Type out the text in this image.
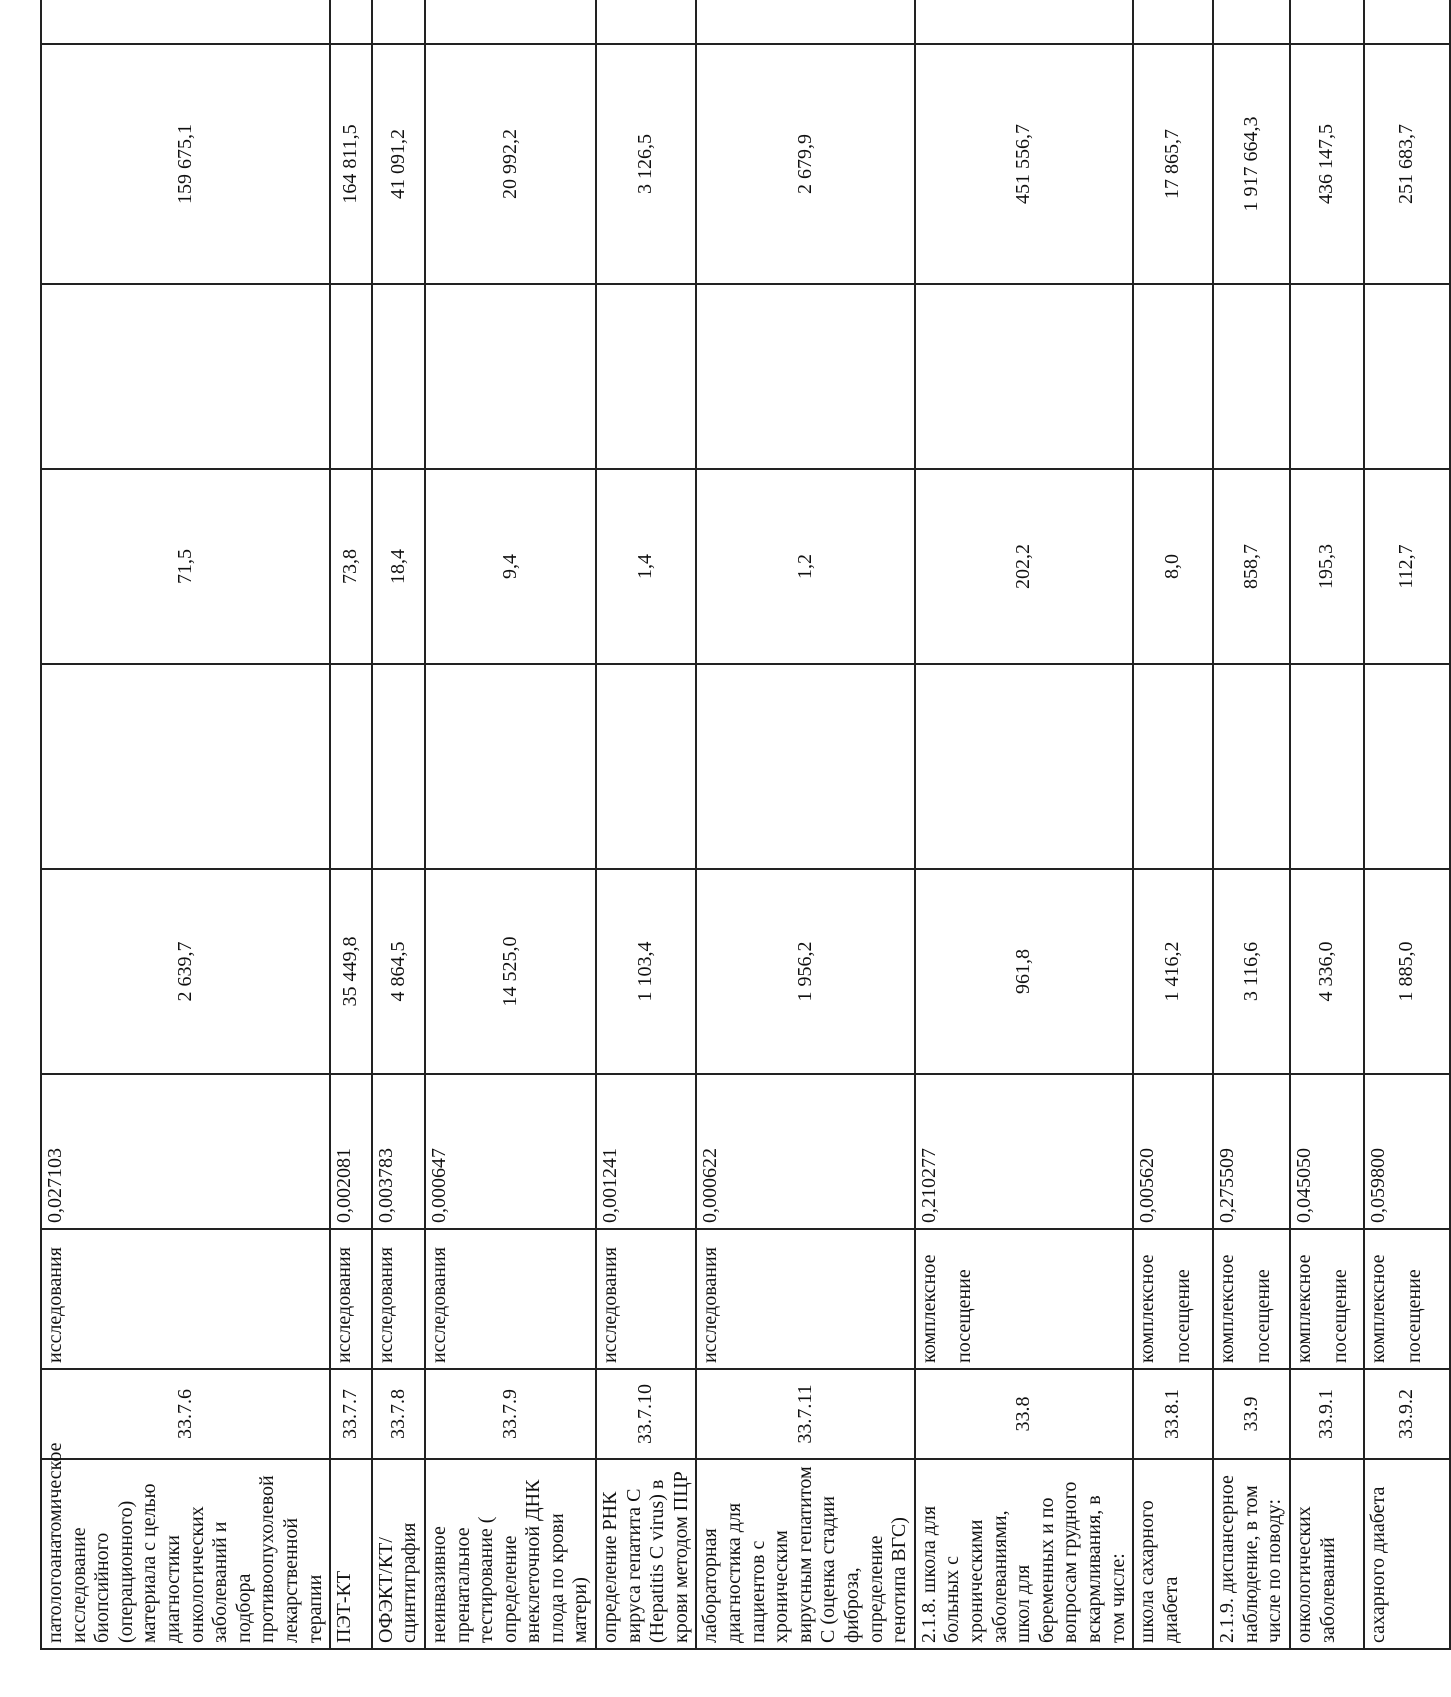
патологоанатомическое исследование биопсийного (операционного) материала с целью диагностики онкологических заболеваний и подбора противоопухолевой лекарственной терапии	33.7.6	исследования	0,027103	2 639,7		71,5		159 675,1	
ПЭТ-КТ	33.7.7	исследования	0,002081	35 449,8		73,8		164 811,5	
ОФЭКТ/КТ/сцинтиграфия	33.7.8	исследования	0,003783	4 864,5		18,4		41 091,2	
неинвазивное пренатальное тестирование ( определение внеклеточной ДНК плода по крови матери)	33.7.9	исследования	0,000647	14 525,0		9,4		20 992,2	
определение РНК вируса гепатита С (Hepatitis C virus) в крови методом ПЦР	33.7.10	исследования	0,001241	1 103,4		1,4		3 126,5	
лабораторная диагностика для пациентов с хроническим вирусным гепатитом С (оценка стадии фиброза, определение генотипа ВГС)	33.7.11	исследования	0,000622	1 956,2		1,2		2 679,9	
2.1.8. школа для больных с хроническими заболеваниями, школ для беременных и по вопросам грудного вскармливания, в том числе:	33.8	комплексное посещение	0,210277	961,8		202,2		451 556,7	
школа сахарного диабета	33.8.1	комплексное посещение	0,005620	1 416,2		8,0		17 865,7	
2.1.9. диспансерное наблюдение, в том числе по поводу:	33.9	комплексное посещение	0,275509	3 116,6		858,7		1 917 664,3	
онкологических заболеваний	33.9.1	комплексное посещение	0,045050	4 336,0		195,3		436 147,5	
сахарного диабета	33.9.2	комплексное посещение	0,059800	1 885,0		112,7		251 683,7	
